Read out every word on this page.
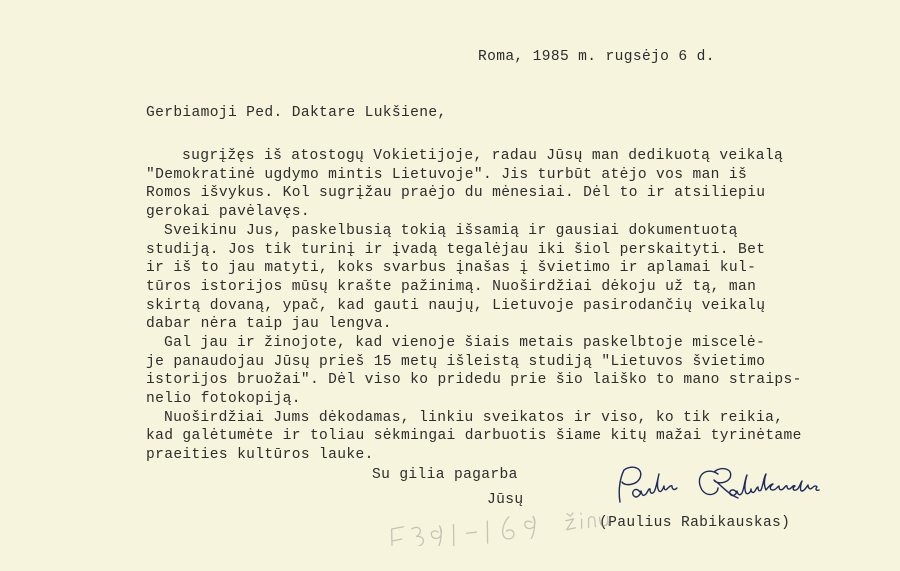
Roma, 1985 m. rugsėjo 6 d.
Gerbiamoji Ped. Daktare Lukšiene,
sugrįžęs iš atostogų Vokietijoje, radau Jūsų man dedikuotą veikalą
"Demokratinė ugdymo mintis Lietuvoje". Jis turbūt atėjo vos man iš
Romos išvykus. Kol sugrįžau praėjo du mėnesiai. Dėl to ir atsiliepiu
gerokai pavėlavęs.
Sveikinu Jus, paskelbusią tokią išsamią ir gausiai dokumentuotą
studiją. Jos tik turinį ir įvadą tegalėjau iki šiol perskaityti. Bet
ir iš to jau matyti, koks svarbus įnašas į švietimo ir aplamai kul-
tūros istorijos mūsų krašte pažinimą. Nuoširdžiai dėkoju už tą, man
skirtą dovaną, ypač, kad gauti naujų, Lietuvoje pasirodančių veikalų
dabar nėra taip jau lengva.
Gal jau ir žinojote, kad vienoje šiais metais paskelbtoje miscelė-
je panaudojau Jūsų prieš 15 metų išleistą studiją "Lietuvos švietimo
istorijos bruožai". Dėl viso ko pridedu prie šio laiško to mano straips-
nelio fotokopiją.
Nuoširdžiai Jums dėkodamas, linkiu sveikatos ir viso, ko tik reikia,
kad galėtumėte ir toliau sėkmingai darbuotis šiame kitų mažai tyrinėtame
praeities kultūros lauke.
Su gilia pagarba
Jūsų
(Paulius Rabikauskas)
